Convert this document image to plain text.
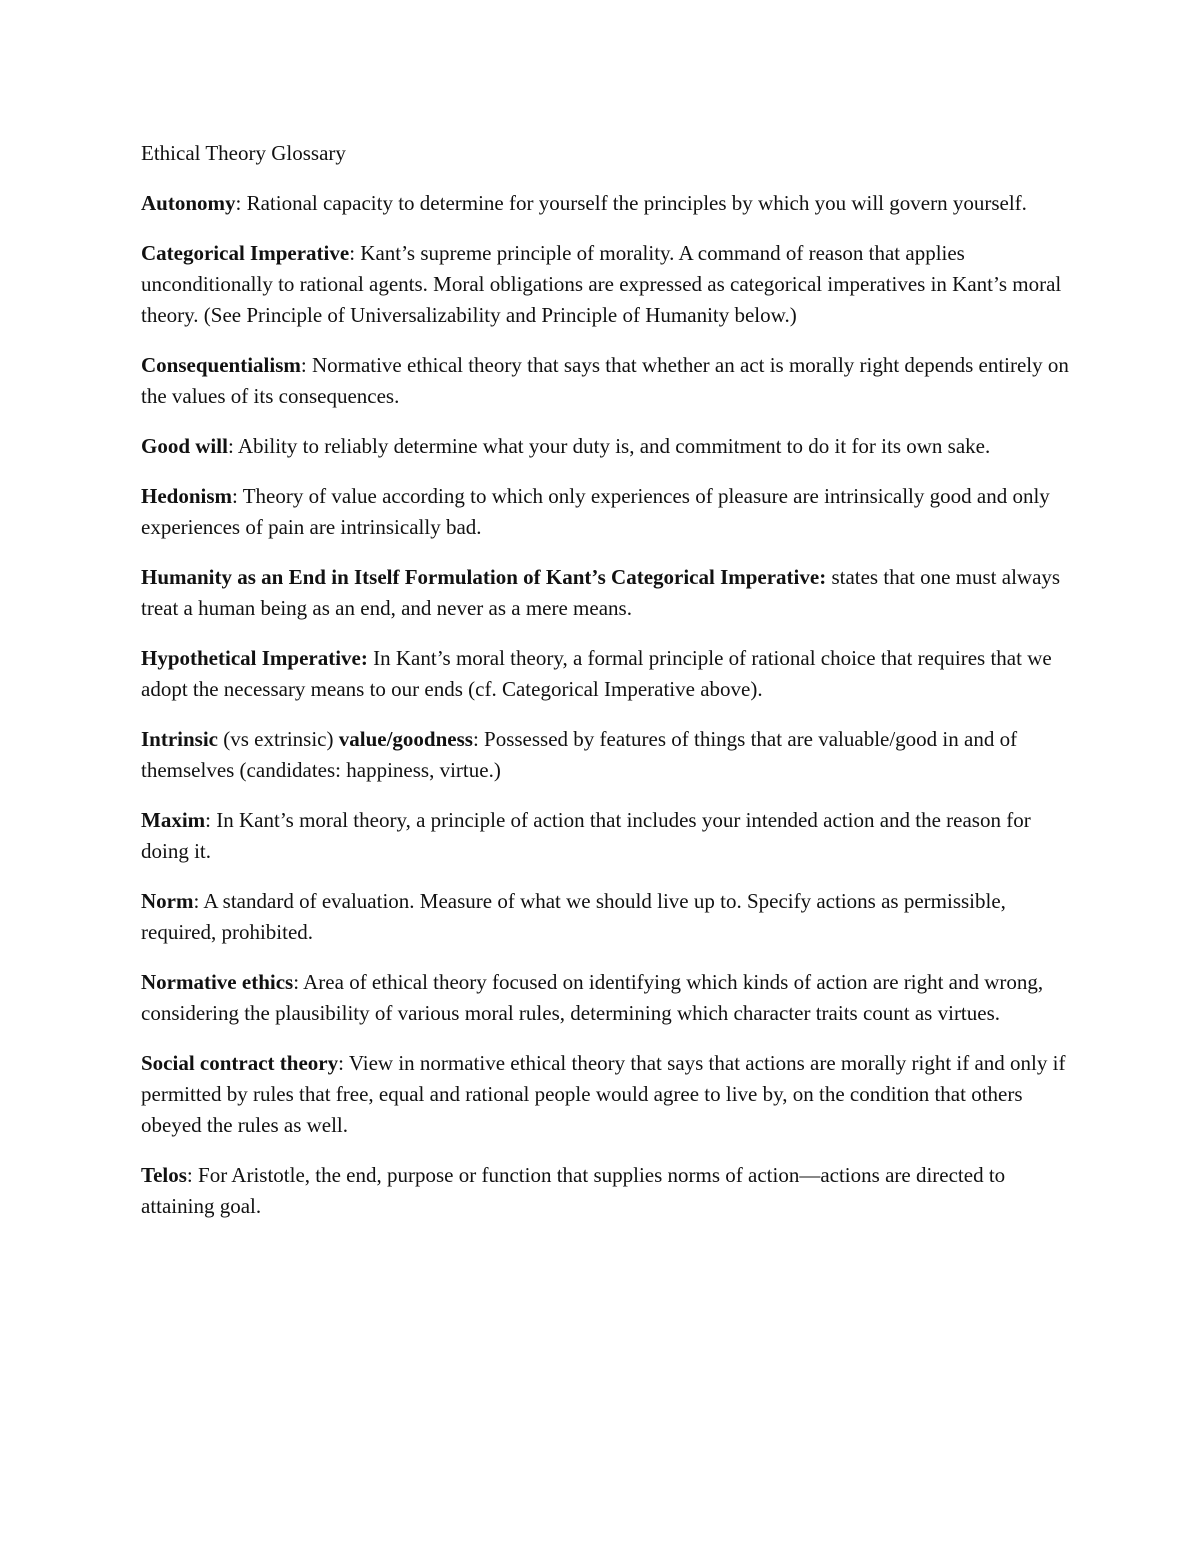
Ethical Theory Glossary

Autonomy: Rational capacity to determine for yourself the principles by which you will govern yourself.

Categorical Imperative: Kant’s supreme principle of morality. A command of reason that applies unconditionally to rational agents. Moral obligations are expressed as categorical imperatives in Kant’s moral theory. (See Principle of Universalizability and Principle of Humanity below.)

Consequentialism: Normative ethical theory that says that whether an act is morally right depends entirely on the values of its consequences.

Good will: Ability to reliably determine what your duty is, and commitment to do it for its own sake.

Hedonism: Theory of value according to which only experiences of pleasure are intrinsically good and only experiences of pain are intrinsically bad.

Humanity as an End in Itself Formulation of Kant’s Categorical Imperative: states that one must always treat a human being as an end, and never as a mere means.

Hypothetical Imperative: In Kant’s moral theory, a formal principle of rational choice that requires that we adopt the necessary means to our ends (cf. Categorical Imperative above).

Intrinsic (vs extrinsic) value/goodness: Possessed by features of things that are valuable/good in and of themselves (candidates: happiness, virtue.)

Maxim: In Kant’s moral theory, a principle of action that includes your intended action and the reason for doing it.

Norm: A standard of evaluation. Measure of what we should live up to. Specify actions as permissible, required, prohibited.

Normative ethics: Area of ethical theory focused on identifying which kinds of action are right and wrong, considering the plausibility of various moral rules, determining which character traits count as virtues.

Social contract theory: View in normative ethical theory that says that actions are morally right if and only if permitted by rules that free, equal and rational people would agree to live by, on the condition that others obeyed the rules as well.

Telos: For Aristotle, the end, purpose or function that supplies norms of action—actions are directed to attaining goal.
